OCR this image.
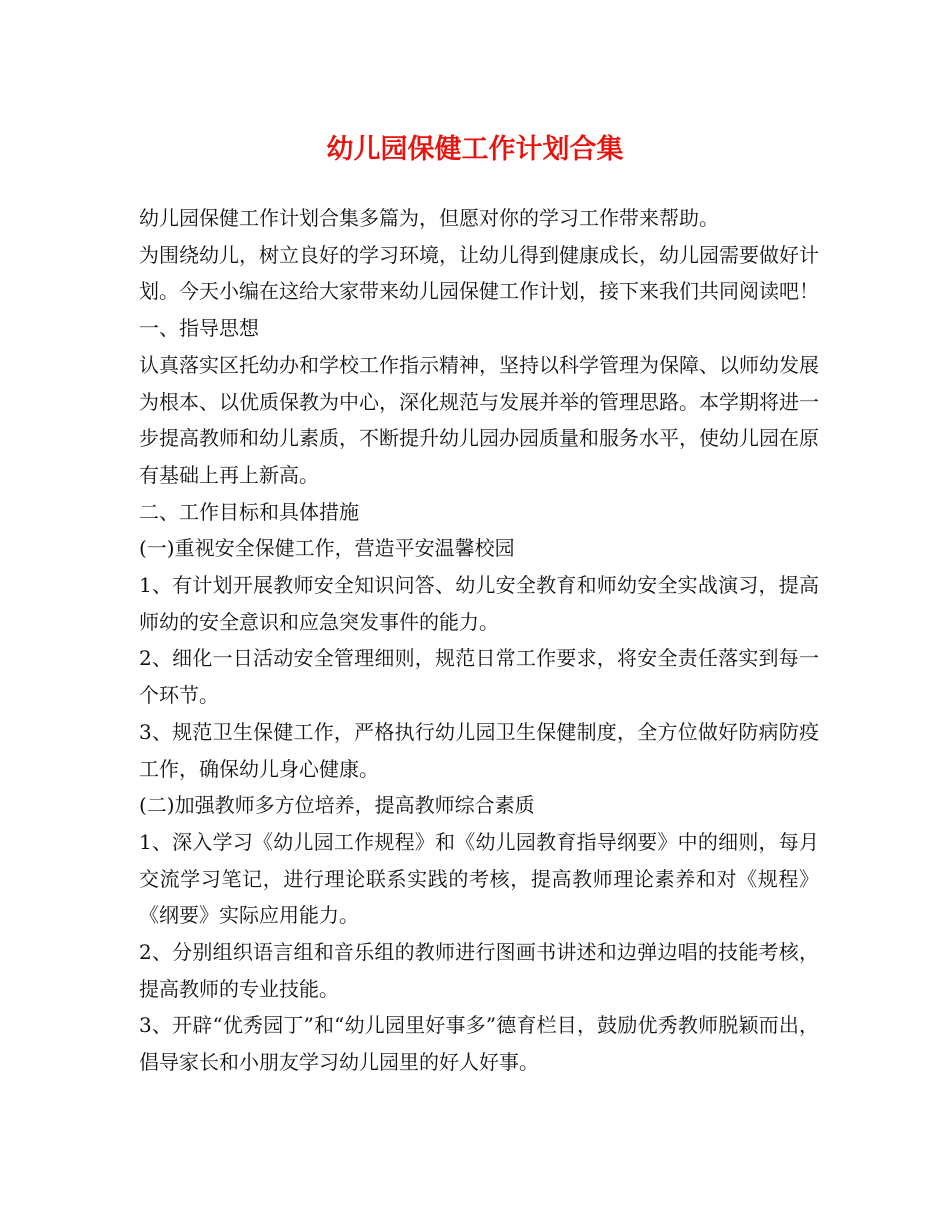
幼儿园保健工作计划合集

幼儿园保健工作计划合集多篇为，但愿对你的学习工作带来帮助。

为围绕幼儿，树立良好的学习环境，让幼儿得到健康成长，幼儿园需要做好计划。今天小编在这给大家带来幼儿园保健工作计划，接下来我们共同阅读吧！

一、指导思想

认真落实区托幼办和学校工作指示精神，坚持以科学管理为保障、以师幼发展为根本、以优质保教为中心，深化规范与发展并举的管理思路。本学期将进一步提高教师和幼儿素质，不断提升幼儿园办园质量和服务水平，使幼儿园在原有基础上再上新高。

二、工作目标和具体措施

(一)重视安全保健工作，营造平安温馨校园

1、有计划开展教师安全知识问答、幼儿安全教育和师幼安全实战演习，提高师幼的安全意识和应急突发事件的能力。

2、细化一日活动安全管理细则，规范日常工作要求，将安全责任落实到每一个环节。

3、规范卫生保健工作，严格执行幼儿园卫生保健制度，全方位做好防病防疫工作，确保幼儿身心健康。

(二)加强教师多方位培养，提高教师综合素质

1、深入学习《幼儿园工作规程》和《幼儿园教育指导纲要》中的细则，每月交流学习笔记，进行理论联系实践的考核，提高教师理论素养和对《规程》《纲要》实际应用能力。

2、分别组织语言组和音乐组的教师进行图画书讲述和边弹边唱的技能考核，提高教师的专业技能。

3、开辟“优秀园丁”和“幼儿园里好事多”德育栏目，鼓励优秀教师脱颖而出，倡导家长和小朋友学习幼儿园里的好人好事。
